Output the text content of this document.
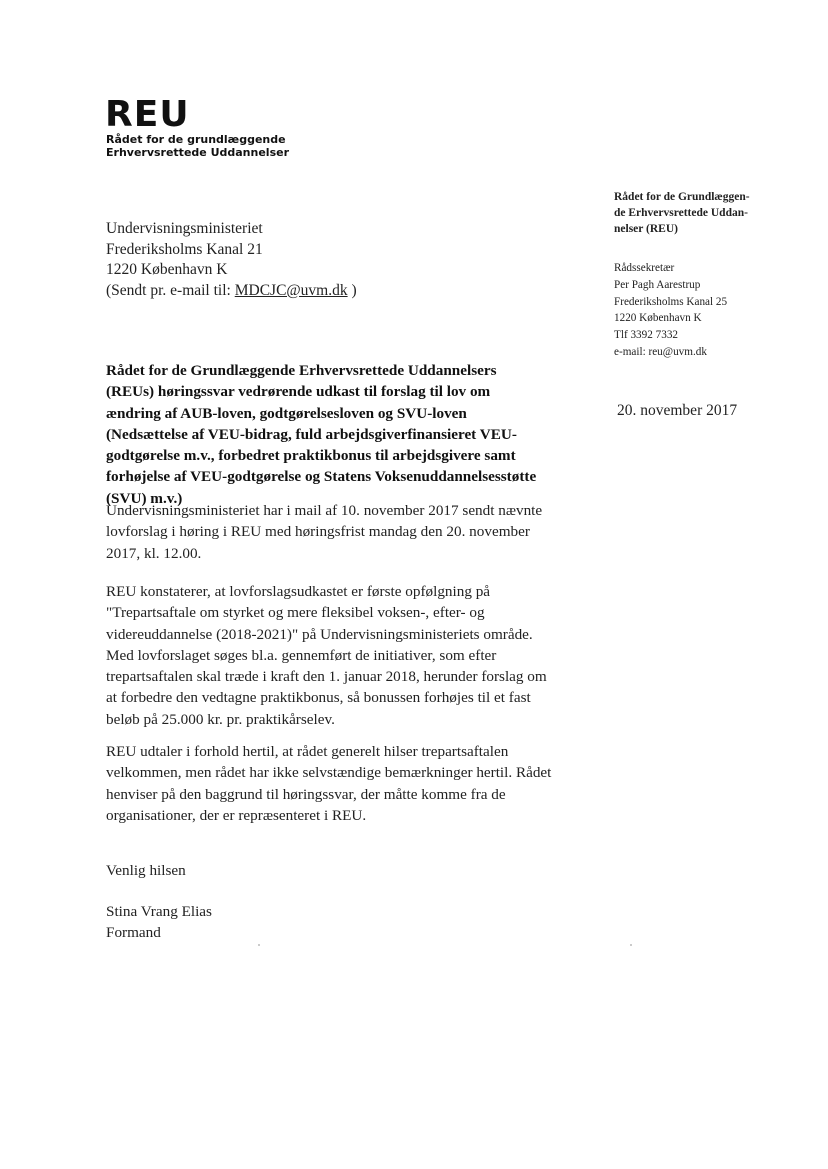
REU
Rådet for de grundlæggende
Erhvervsrettede Uddannelser
Undervisningsministeriet
Frederiksholms Kanal 21
1220 København K
(Sendt pr. e-mail til: MDCJC@uvm.dk )
Rådet for de Grundlæggen-
de Erhvervsrettede Uddan-
nelser (REU)
Rådssekretær
Per Pagh Aarestrup
Frederiksholms Kanal 25
1220 København K
Tlf 3392 7332
e-mail: reu@uvm.dk
20. november 2017
Rådet for de Grundlæggende Erhvervsrettede Uddannelsers (REUs) høringssvar vedrørende udkast til forslag til lov om ændring af AUB-loven, godtgørelsesloven og SVU-loven (Nedsættelse af VEU-bidrag, fuld arbejdsgiverfinansieret VEU-godtgørelse m.v., forbedret praktikbonus til arbejdsgivere samt forhøjelse af VEU-godtgørelse og Statens Voksenuddannelsesstøtte (SVU) m.v.)
Undervisningsministeriet har i mail af 10. november 2017 sendt nævnte lovforslag i høring i REU med høringsfrist mandag den 20. november 2017, kl. 12.00.
REU konstaterer, at lovforslagsudkastet er første opfølgning på "Trepartsaftale om styrket og mere fleksibel voksen-, efter- og videreuddannelse (2018-2021)" på Undervisningsministeriets område. Med lovforslaget søges bl.a. gennemført de initiativer, som efter trepartsaftalen skal træde i kraft den 1. januar 2018, herunder forslag om at forbedre den vedtagne praktikbonus, så bonussen forhøjes til et fast beløb på 25.000 kr. pr. praktikårselev.
REU udtaler i forhold hertil, at rådet generelt hilser trepartsaftalen velkommen, men rådet har ikke selvstændige bemærkninger hertil. Rådet henviser på den baggrund til høringssvar, der måtte komme fra de organisationer, der er repræsenteret i REU.
Venlig hilsen
Stina Vrang Elias
Formand
